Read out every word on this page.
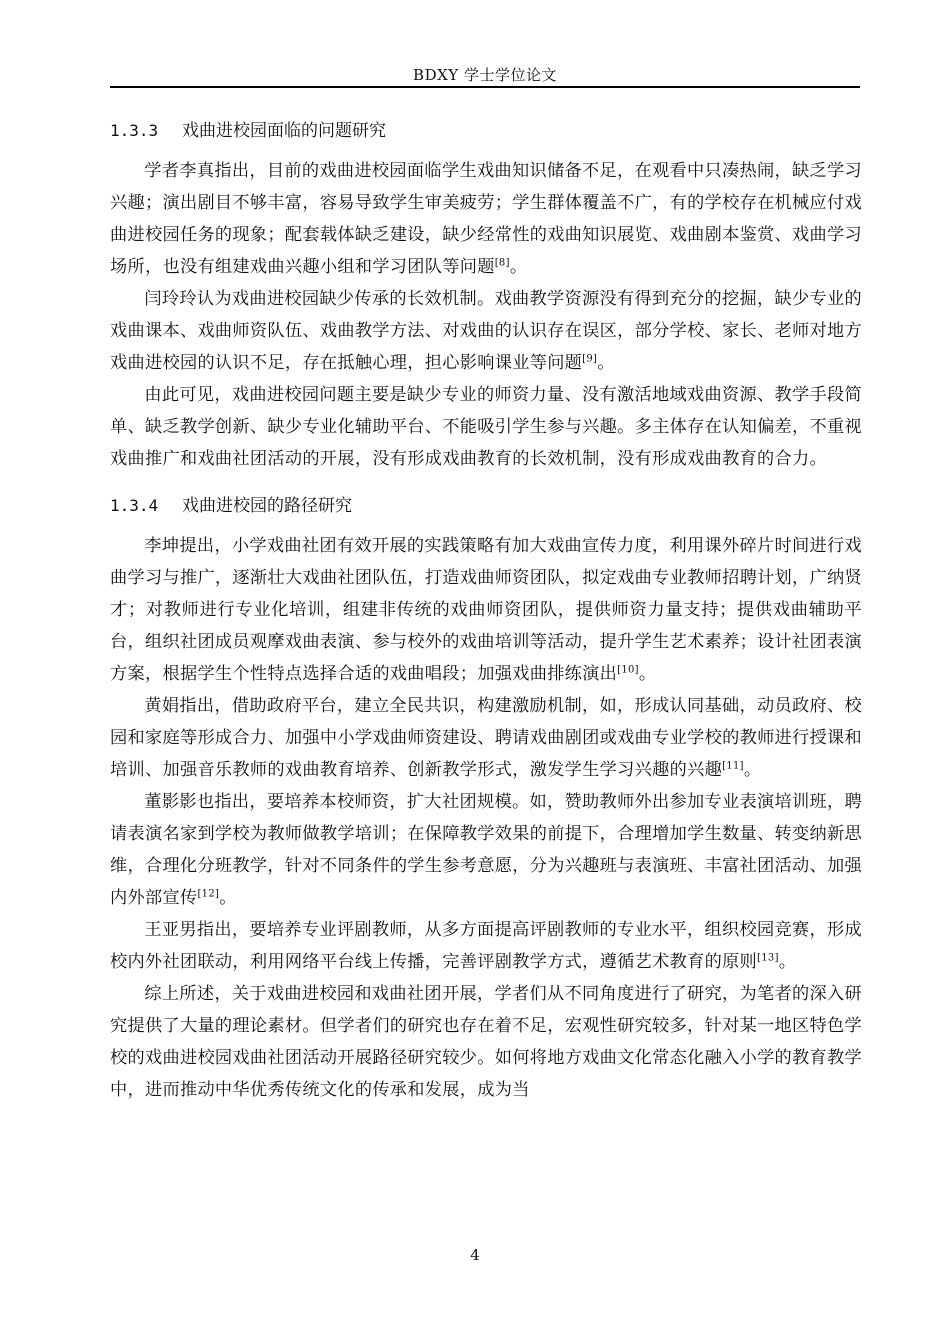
BDXY 学士学位论文
1.3.3 戏曲进校园面临的问题研究

学者李真指出，目前的戏曲进校园面临学生戏曲知识储备不足，在观看中只凑热闹，缺乏学习兴趣；演出剧目不够丰富，容易导致学生审美疲劳；学生群体覆盖不广，有的学校存在机械应付戏曲进校园任务的现象；配套载体缺乏建设，缺少经常性的戏曲知识展览、戏曲剧本鉴赏、戏曲学习场所，也没有组建戏曲兴趣小组和学习团队等问题[8]。

闫玲玲认为戏曲进校园缺少传承的长效机制。戏曲教学资源没有得到充分的挖掘，缺少专业的戏曲课本、戏曲师资队伍、戏曲教学方法、对戏曲的认识存在误区，部分学校、家长、老师对地方戏曲进校园的认识不足，存在抵触心理，担心影响课业等问题[9]。

由此可见，戏曲进校园问题主要是缺少专业的师资力量、没有激活地域戏曲资源、教学手段简单、缺乏教学创新、缺少专业化辅助平台、不能吸引学生参与兴趣。多主体存在认知偏差，不重视戏曲推广和戏曲社团活动的开展，没有形成戏曲教育的长效机制，没有形成戏曲教育的合力。

1.3.4 戏曲进校园的路径研究

李坤提出，小学戏曲社团有效开展的实践策略有加大戏曲宣传力度，利用课外碎片时间进行戏曲学习与推广，逐渐壮大戏曲社团队伍，打造戏曲师资团队，拟定戏曲专业教师招聘计划，广纳贤才；对教师进行专业化培训，组建非传统的戏曲师资团队，提供师资力量支持；提供戏曲辅助平台，组织社团成员观摩戏曲表演、参与校外的戏曲培训等活动，提升学生艺术素养；设计社团表演方案，根据学生个性特点选择合适的戏曲唱段；加强戏曲排练演出[10]。

黄娟指出，借助政府平台，建立全民共识，构建激励机制，如，形成认同基础，动员政府、校园和家庭等形成合力、加强中小学戏曲师资建设、聘请戏曲剧团或戏曲专业学校的教师进行授课和培训、加强音乐教师的戏曲教育培养、创新教学形式，激发学生学习兴趣的兴趣[11]。

董影影也指出，要培养本校师资，扩大社团规模。如，赞助教师外出参加专业表演培训班，聘请表演名家到学校为教师做教学培训；在保障教学效果的前提下，合理增加学生数量、转变纳新思维，合理化分班教学，针对不同条件的学生参考意愿，分为兴趣班与表演班、丰富社团活动、加强内外部宣传[12]。

王亚男指出，要培养专业评剧教师，从多方面提高评剧教师的专业水平，组织校园竞赛，形成校内外社团联动，利用网络平台线上传播，完善评剧教学方式，遵循艺术教育的原则[13]。

综上所述，关于戏曲进校园和戏曲社团开展，学者们从不同角度进行了研究，为笔者的深入研究提供了大量的理论素材。但学者们的研究也存在着不足，宏观性研究较多，针对某一地区特色学校的戏曲进校园戏曲社团活动开展路径研究较少。如何将地方戏曲文化常态化融入小学的教育教学中，进而推动中华优秀传统文化的传承和发展，成为当

4
